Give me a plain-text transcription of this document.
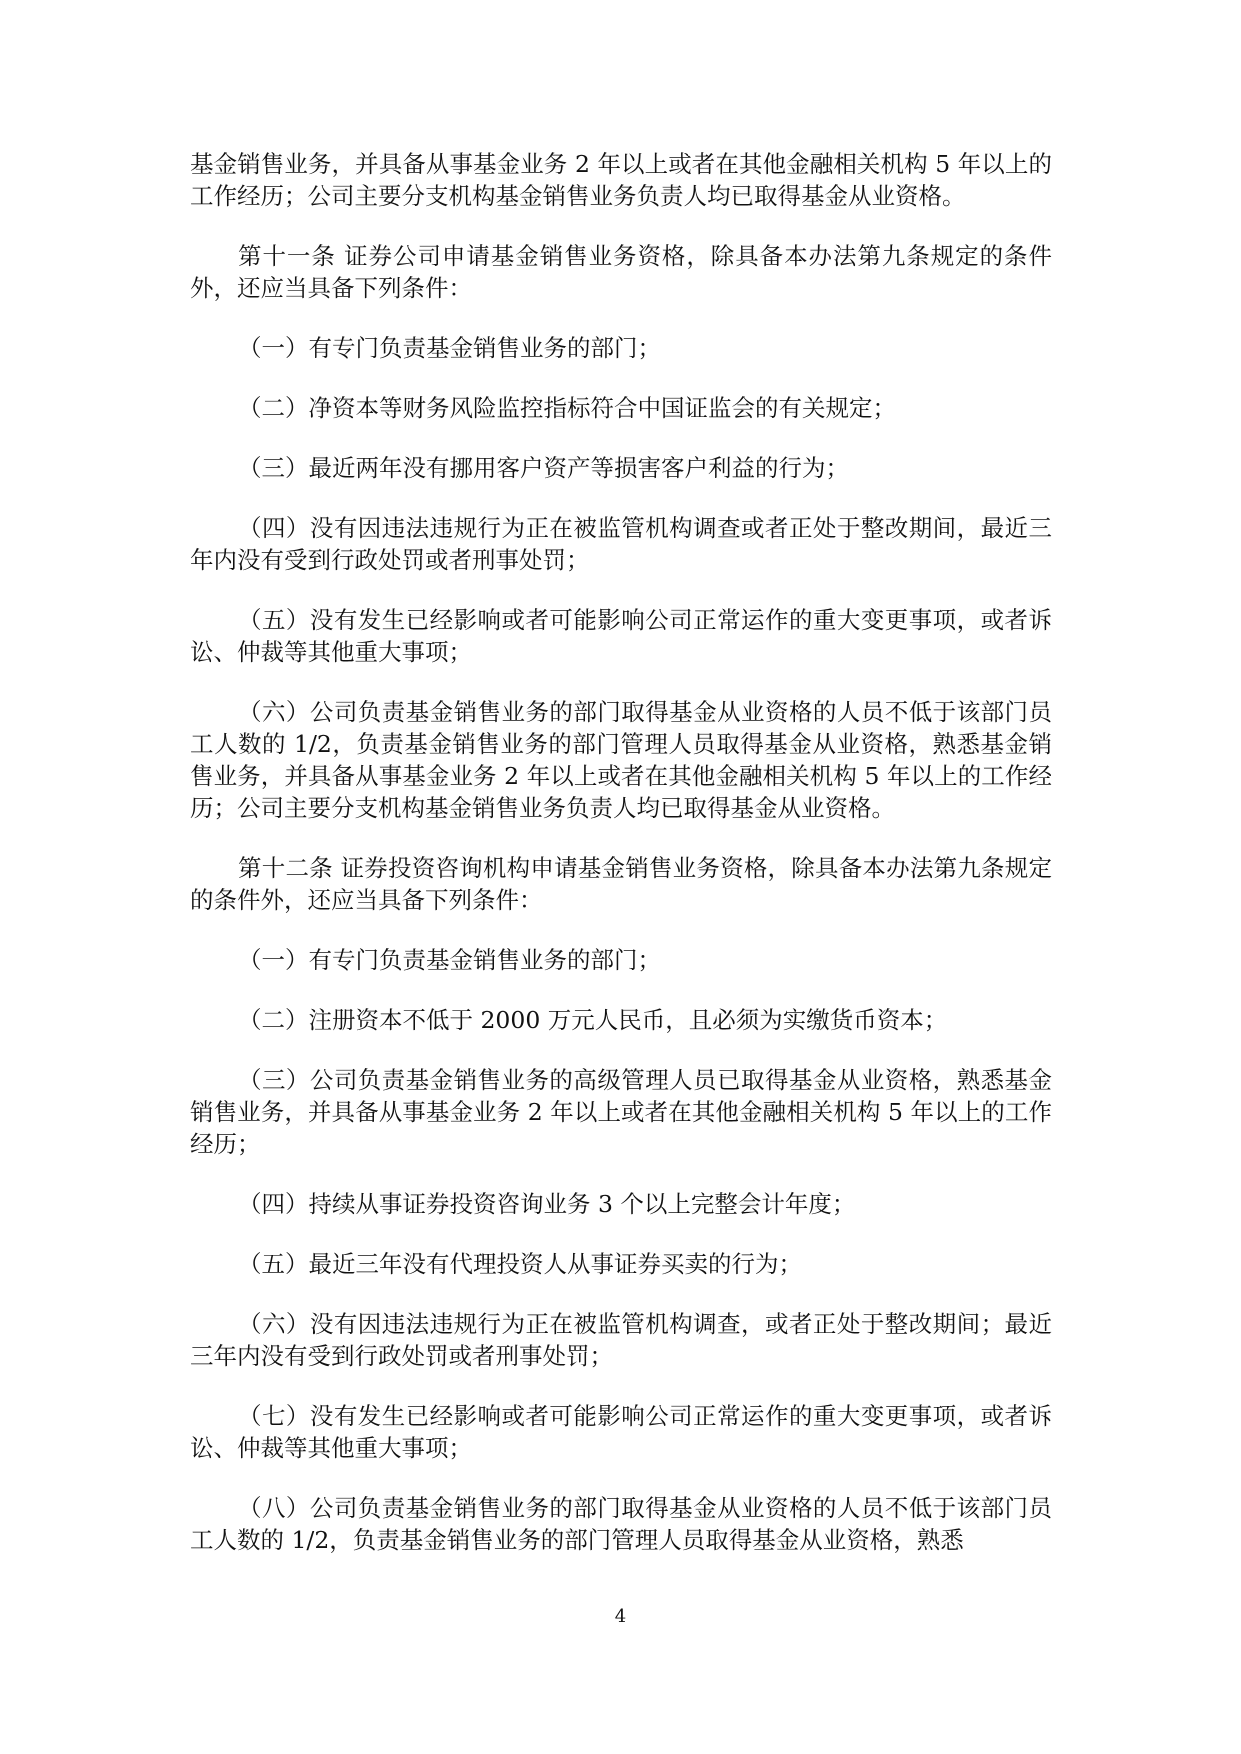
基金销售业务，并具备从事基金业务 2 年以上或者在其他金融相关机构 5 年以上的工作经历；公司主要分支机构基金销售业务负责人均已取得基金从业资格。

第十一条 证券公司申请基金销售业务资格，除具备本办法第九条规定的条件外，还应当具备下列条件：

（一）有专门负责基金销售业务的部门；

（二）净资本等财务风险监控指标符合中国证监会的有关规定；

（三）最近两年没有挪用客户资产等损害客户利益的行为；

（四）没有因违法违规行为正在被监管机构调查或者正处于整改期间，最近三年内没有受到行政处罚或者刑事处罚；

（五）没有发生已经影响或者可能影响公司正常运作的重大变更事项，或者诉讼、仲裁等其他重大事项；

（六）公司负责基金销售业务的部门取得基金从业资格的人员不低于该部门员工人数的 1/2，负责基金销售业务的部门管理人员取得基金从业资格，熟悉基金销售业务，并具备从事基金业务 2 年以上或者在其他金融相关机构 5 年以上的工作经历；公司主要分支机构基金销售业务负责人均已取得基金从业资格。

第十二条 证券投资咨询机构申请基金销售业务资格，除具备本办法第九条规定的条件外，还应当具备下列条件：

（一）有专门负责基金销售业务的部门；

（二）注册资本不低于 2000 万元人民币，且必须为实缴货币资本；

（三）公司负责基金销售业务的高级管理人员已取得基金从业资格，熟悉基金销售业务，并具备从事基金业务 2 年以上或者在其他金融相关机构 5 年以上的工作经历；

（四）持续从事证券投资咨询业务 3 个以上完整会计年度；

（五）最近三年没有代理投资人从事证券买卖的行为；

（六）没有因违法违规行为正在被监管机构调查，或者正处于整改期间；最近三年内没有受到行政处罚或者刑事处罚；

（七）没有发生已经影响或者可能影响公司正常运作的重大变更事项，或者诉讼、仲裁等其他重大事项；

（八）公司负责基金销售业务的部门取得基金从业资格的人员不低于该部门员工人数的 1/2，负责基金销售业务的部门管理人员取得基金从业资格，熟悉

4
